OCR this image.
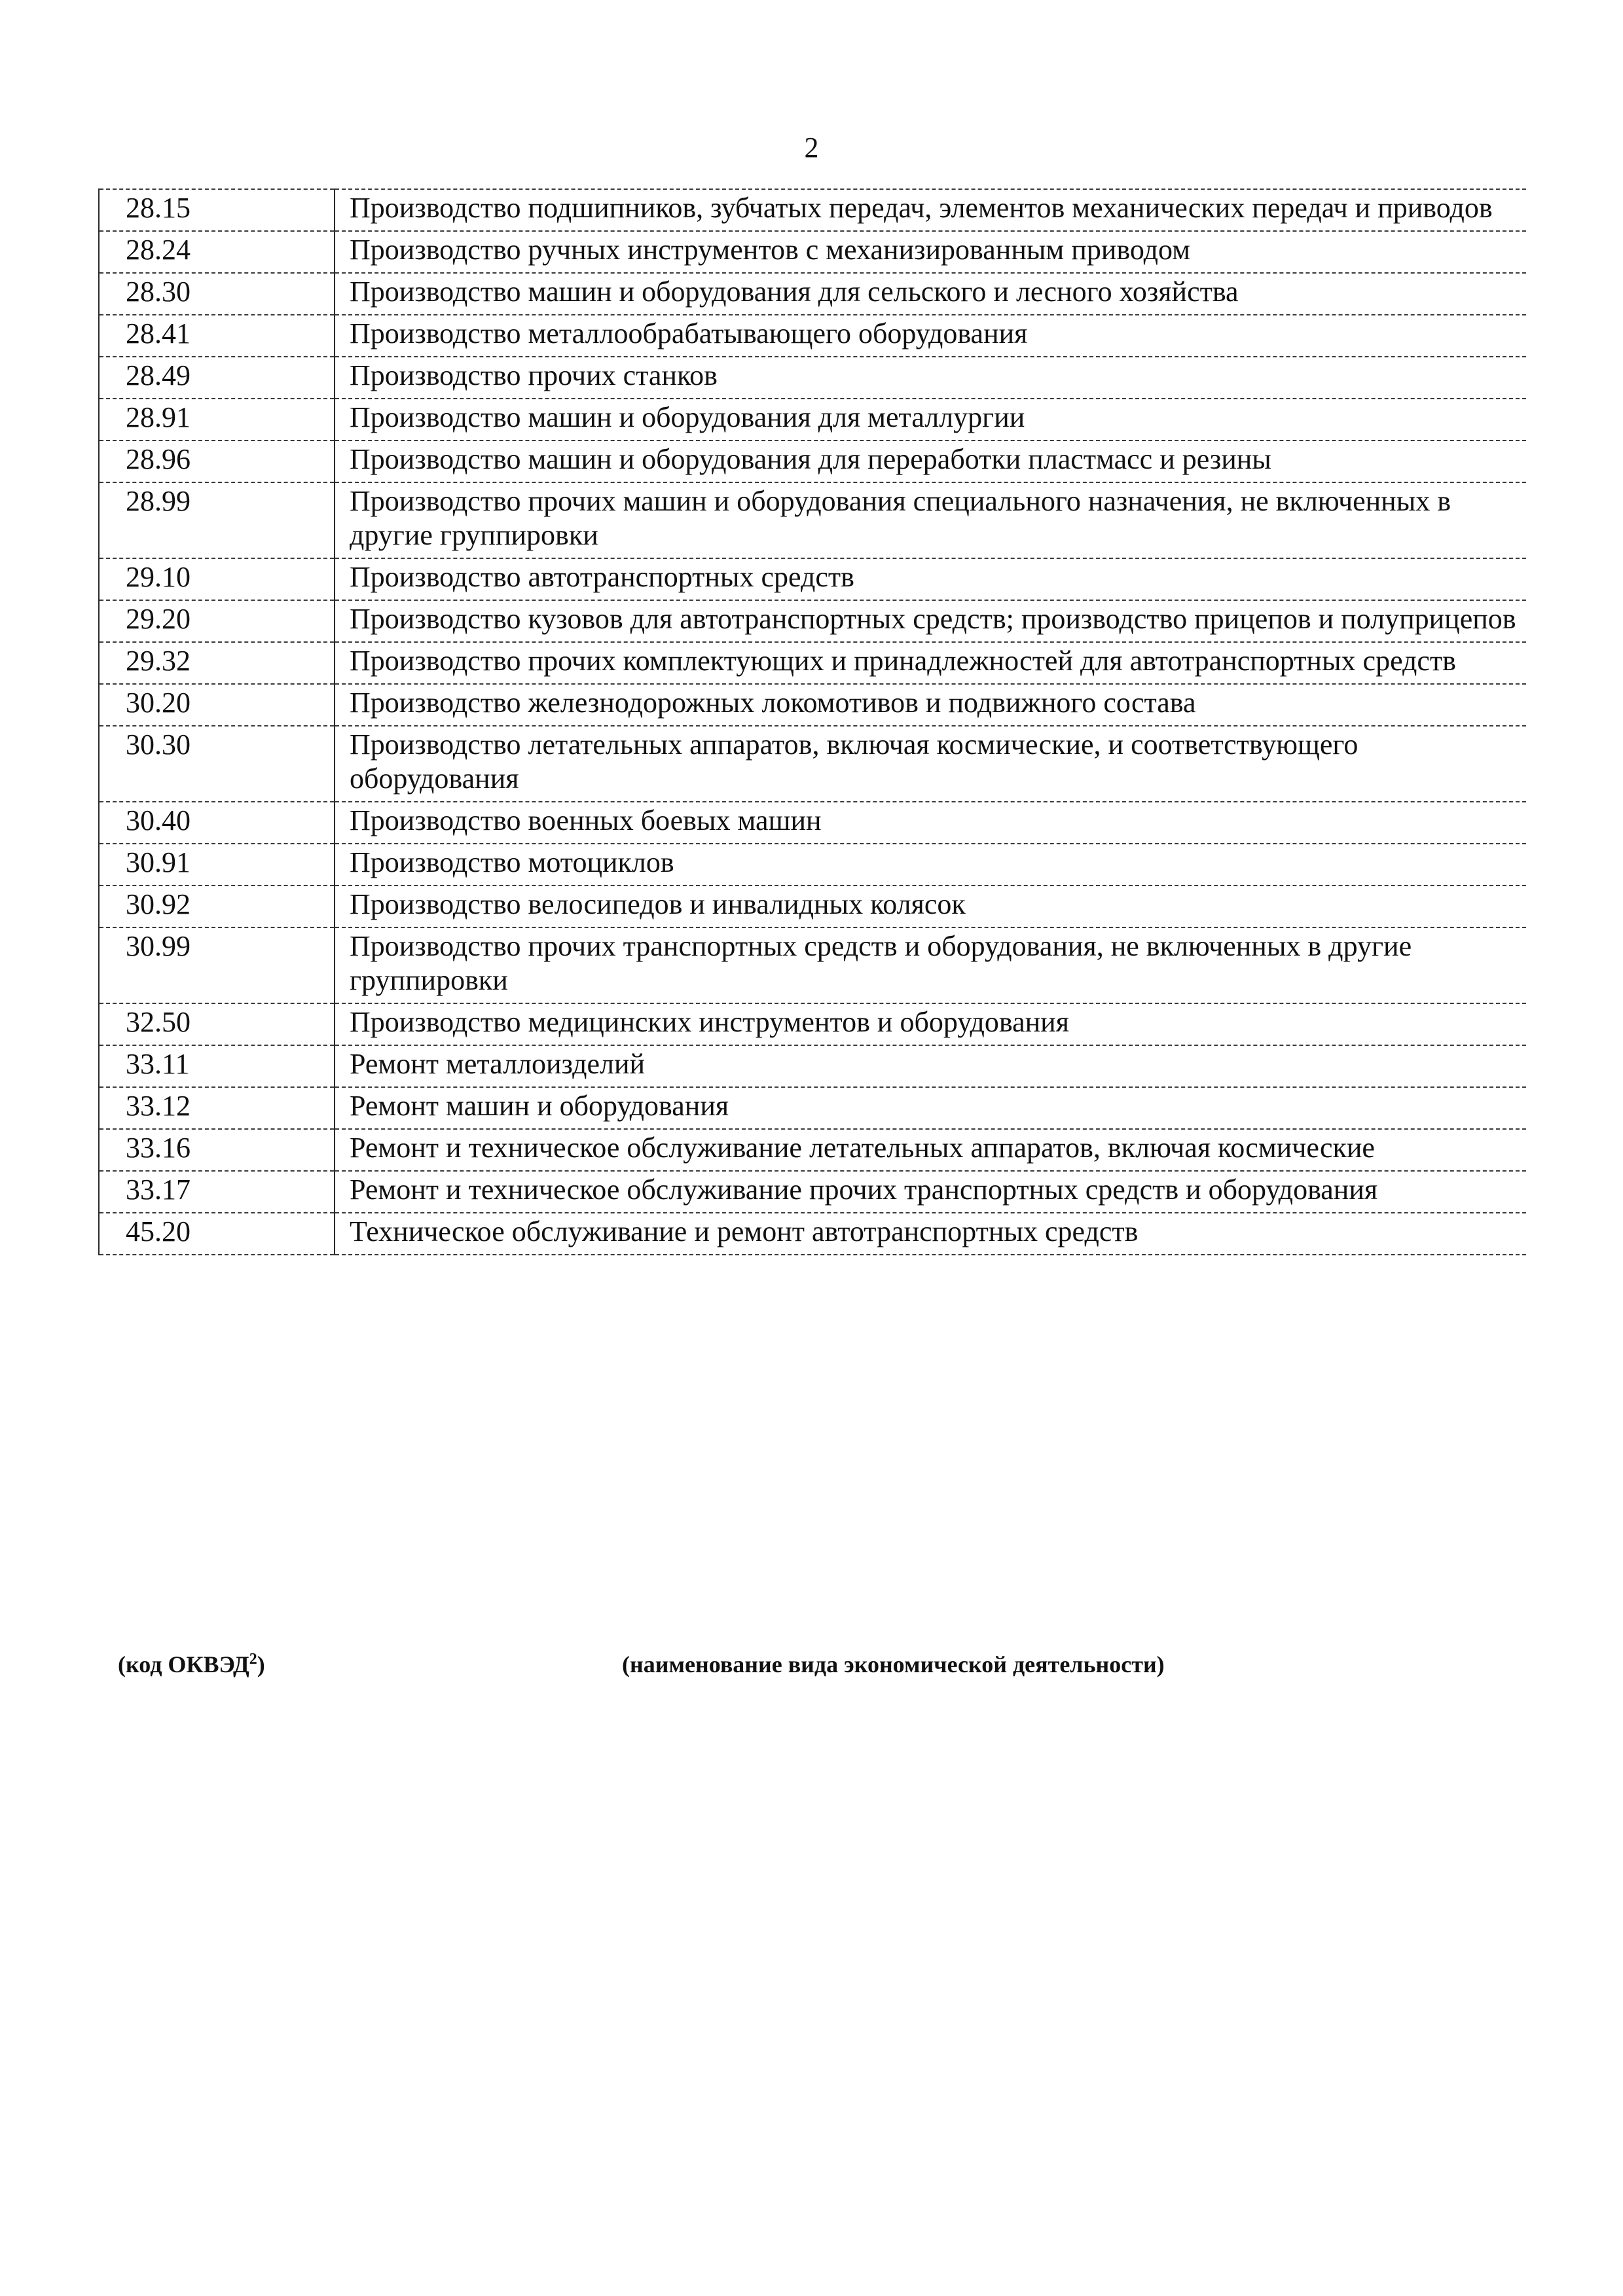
2
28.15	Производство подшипников, зубчатых передач, элементов механических передач и приводов
28.24	Производство ручных инструментов с механизированным приводом
28.30	Производство машин и оборудования для сельского и лесного хозяйства
28.41	Производство металлообрабатывающего оборудования
28.49	Производство прочих станков
28.91	Производство машин и оборудования для металлургии
28.96	Производство машин и оборудования для переработки пластмасс и резины
28.99	Производство прочих машин и оборудования специального назначения, не включенных в другие группировки
29.10	Производство автотранспортных средств
29.20	Производство кузовов для автотранспортных средств; производство прицепов и полуприцепов
29.32	Производство прочих комплектующих и принадлежностей для автотранспортных средств
30.20	Производство железнодорожных локомотивов и подвижного состава
30.30	Производство летательных аппаратов, включая космические, и соответствующего оборудования
30.40	Производство военных боевых машин
30.91	Производство мотоциклов
30.92	Производство велосипедов и инвалидных колясок
30.99	Производство прочих транспортных средств и оборудования, не включенных в другие группировки
32.50	Производство медицинских инструментов и оборудования
33.11	Ремонт металлоизделий
33.12	Ремонт машин и оборудования
33.16	Ремонт и техническое обслуживание летательных аппаратов, включая космические
33.17	Ремонт и техническое обслуживание прочих транспортных средств и оборудования
45.20	Техническое обслуживание и ремонт автотранспортных средств
(код ОКВЭД$^2$)	(наименование вида экономической деятельности)
